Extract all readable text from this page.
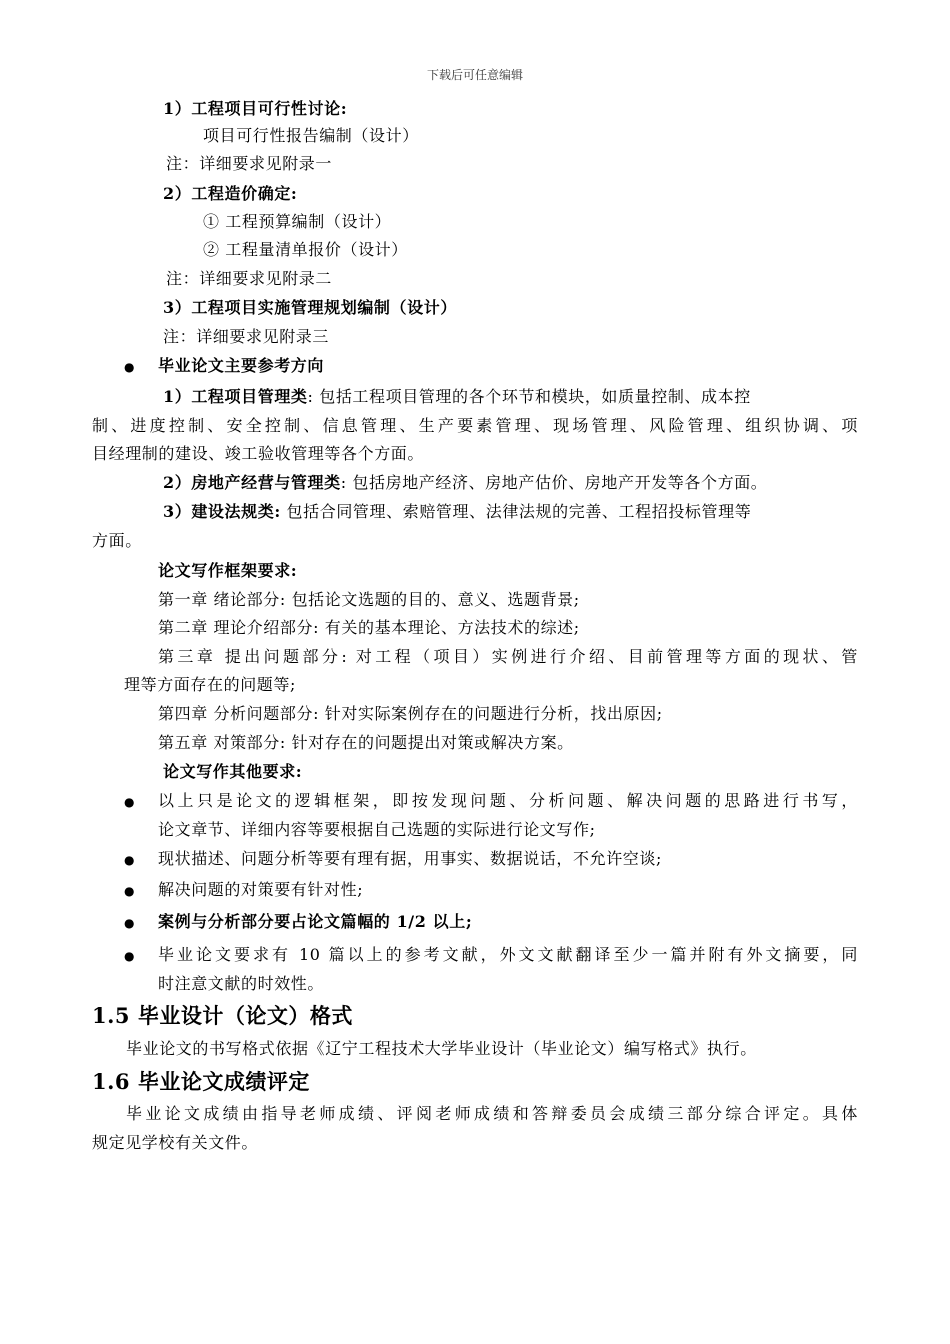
下载后可任意编辑
1）工程项目可行性讨论:
项目可行性报告编制（设计）
注：详细要求见附录一
2）工程造价确定:
① 工程预算编制（设计）
② 工程量清单报价（设计）
注：详细要求见附录二
3）工程项目实施管理规划编制（设计）
注：详细要求见附录三
● 毕业论文主要参考方向
1）工程项目管理类: 包括工程项目管理的各个环节和模块，如质量控制、成本控
制、进度控制、安全控制、信息管理、生产要素管理、现场管理、风险管理、组织协调、项
目经理制的建设、竣工验收管理等各个方面。
2）房地产经营与管理类: 包括房地产经济、房地产估价、房地产开发等各个方面。
3）建设法规类: 包括合同管理、索赔管理、法律法规的完善、工程招投标管理等
方面。
论文写作框架要求:
第一章 绪论部分: 包括论文选题的目的、意义、选题背景;
第二章 理论介绍部分: 有关的基本理论、方法技术的综述;
第三章 提出问题部分: 对工程（项目）实例进行介绍、目前管理等方面的现状、管
理等方面存在的问题等;
第四章 分析问题部分: 针对实际案例存在的问题进行分析，找出原因;
第五章 对策部分: 针对存在的问题提出对策或解决方案。
论文写作其他要求:
● 以上只是论文的逻辑框架，即按发现问题、分析问题、解决问题的思路进行书写，
论文章节、详细内容等要根据自己选题的实际进行论文写作;
● 现状描述、问题分析等要有理有据，用事实、数据说话，不允许空谈;
● 解决问题的对策要有针对性;
● 案例与分析部分要占论文篇幅的 1/2 以上;
● 毕业论文要求有 10 篇以上的参考文献，外文文献翻译至少一篇并附有外文摘要，同
时注意文献的时效性。
1.5 毕业设计（论文）格式
毕业论文的书写格式依据《辽宁工程技术大学毕业设计（毕业论文）编写格式》执行。
1.6 毕业论文成绩评定
毕业论文成绩由指导老师成绩、评阅老师成绩和答辩委员会成绩三部分综合评定。具体
规定见学校有关文件。
